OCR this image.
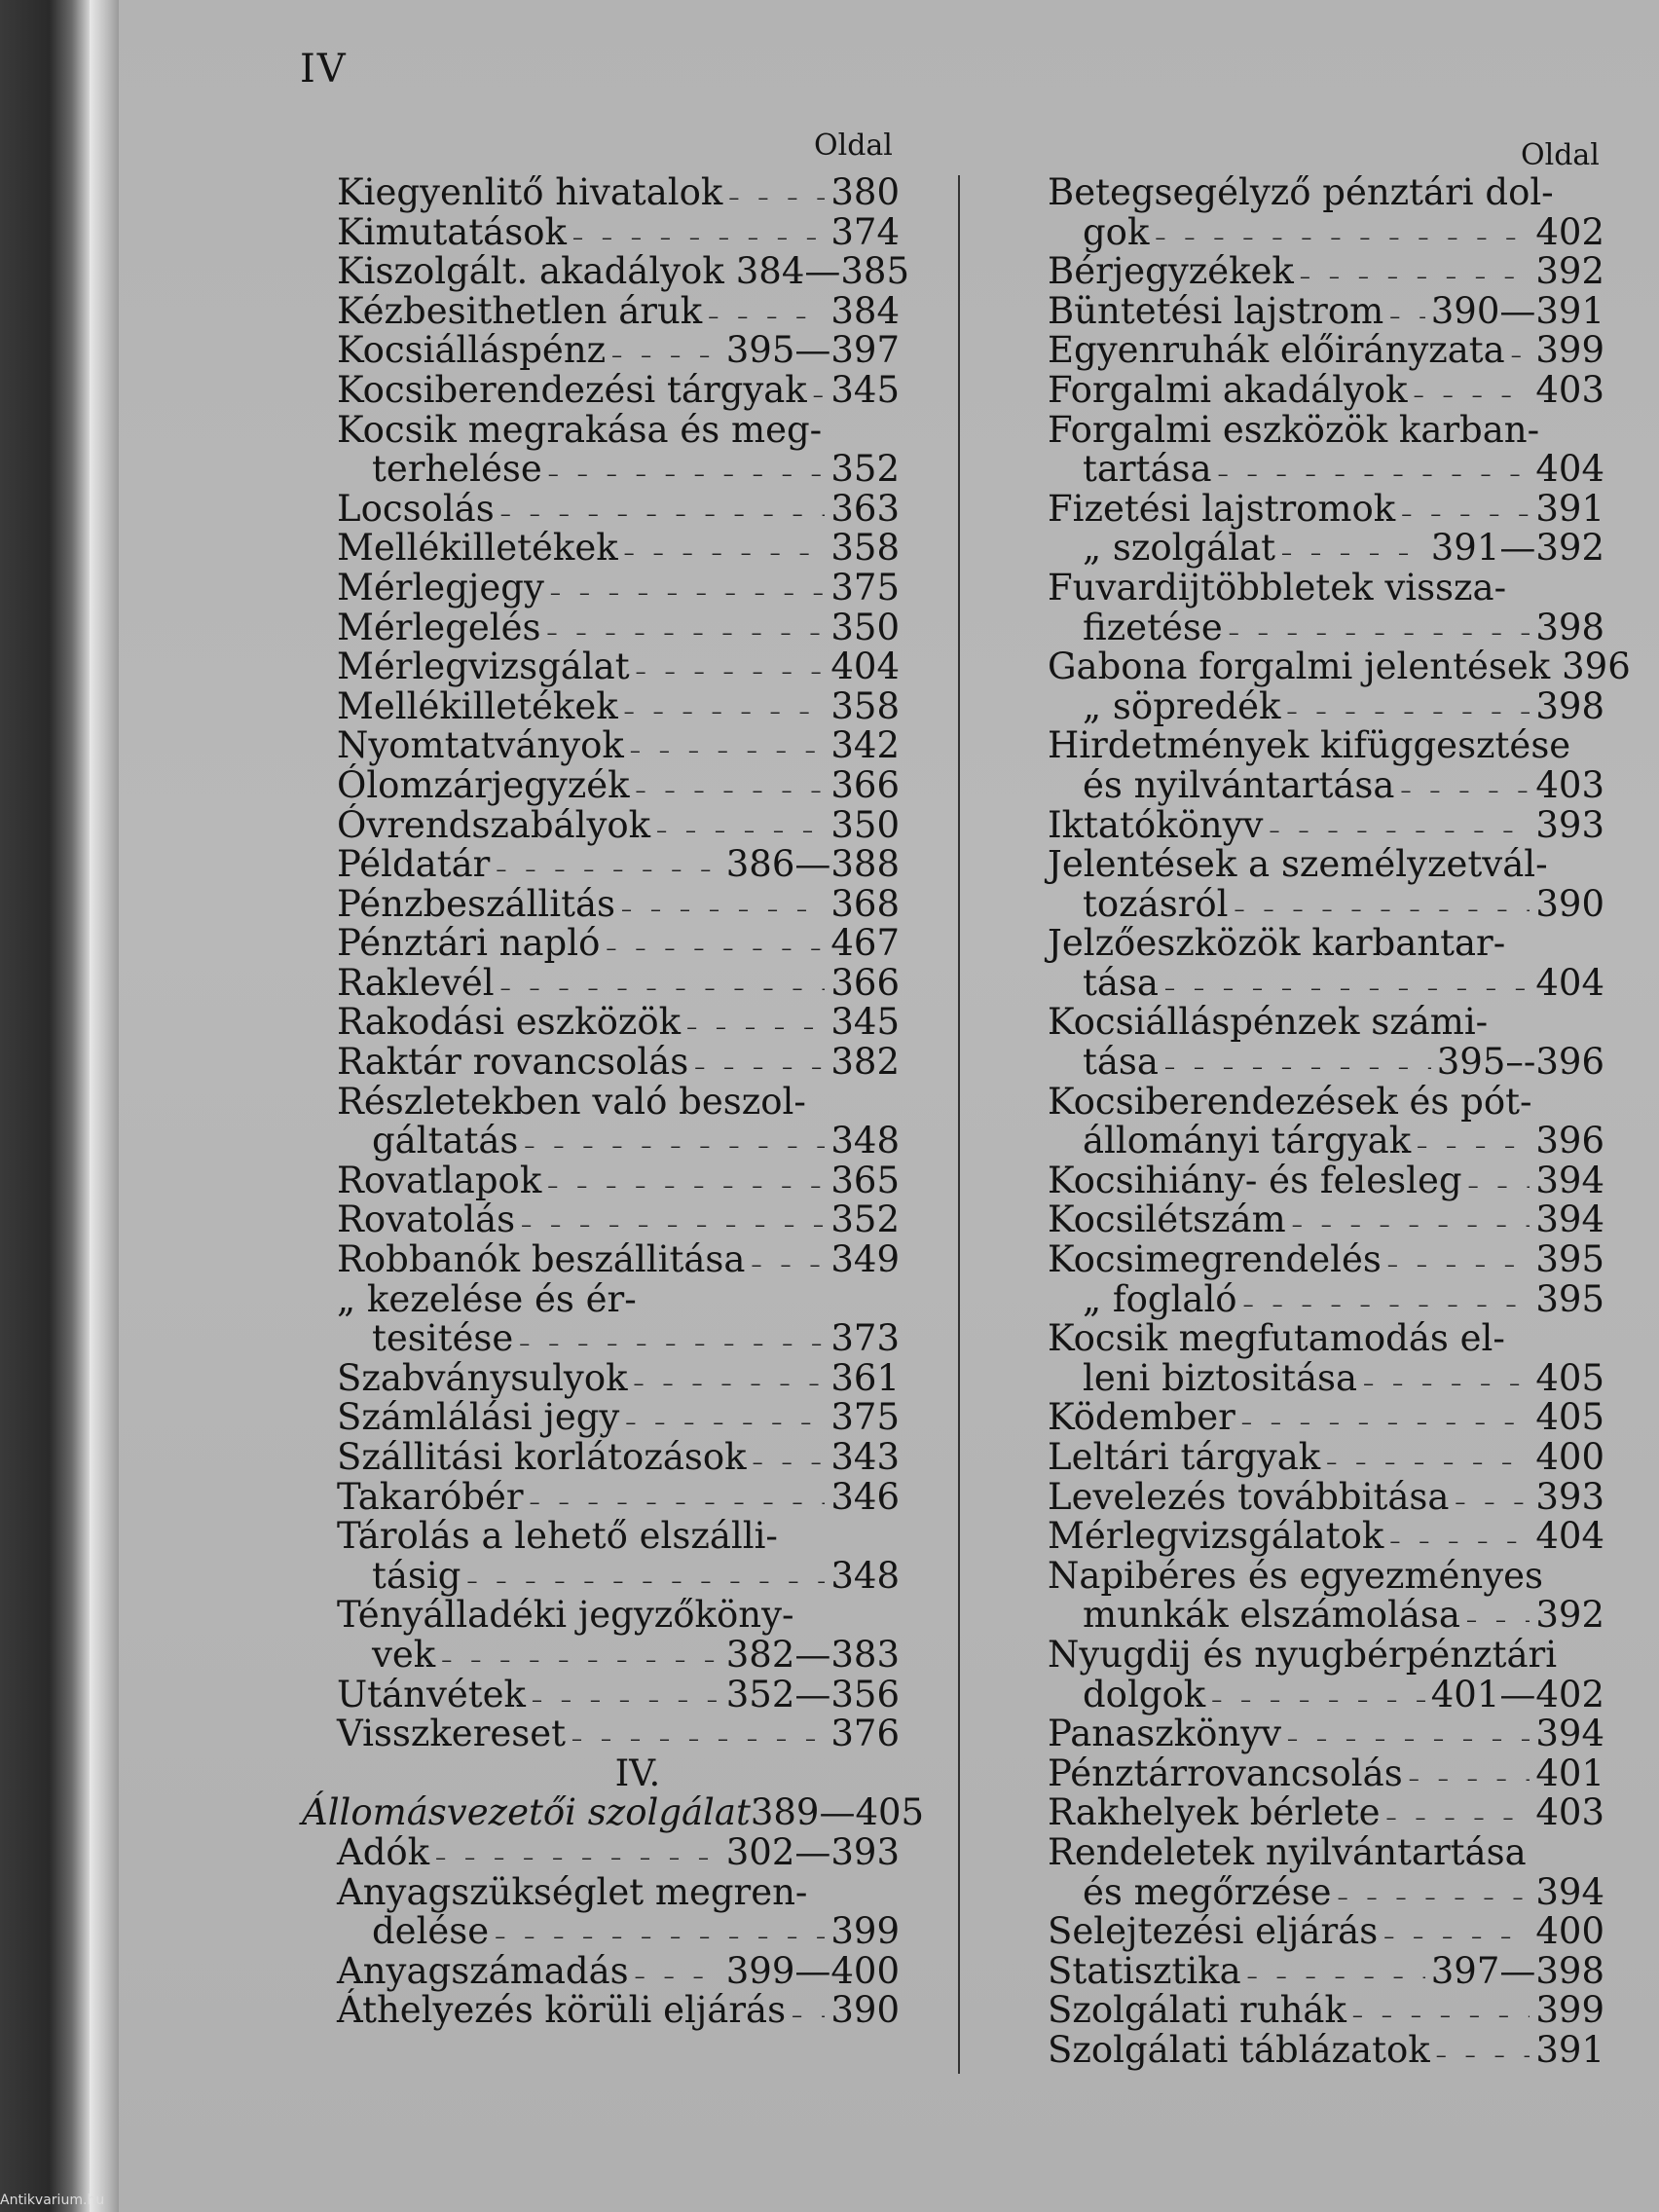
IV
Oldal	Oldal
Kiegyenlitő hivatalok – – –	380
Kimutatások – – –	374
Kiszolgált. akadályok 384—385
Kézbesithetlen áruk – – –	384
Kocsiálláspénz – – –	395—397
Kocsiberendezési tárgyak – – – 345
Kocsik megrakása és meg-
terhelése – – –	352
Locsolás – – –	363
Mellékilletékek – – –	358
Mérlegjegy – – –	375
Mérlegelés – – –	350
Mérlegvizsgálat – – –	404
Mellékilletékek – – –	358
Nyomtatványok – – –	342
Ólomzárjegyzék – – –	366
Óvrendszabályok – – –	350
Példatár – – –	386—388
Pénzbeszállitás – – –	368
Pénztári napló – – –	467
Raklevél – – –	366
Rakodási eszközök – – –	345
Raktár rovancsolás – – –	382
Részletekben való beszol-
gáltatás – – –	348
Rovatlapok – – –	365
Rovatolás – – –	352
Robbanók beszállitása – – – 349
„ kezelése és ér-
tesitése – – –	373
Szabványsulyok – – –	361
Számlálási jegy – – –	375
Szállitási korlátozások – – – 343
Takaróbér – – –	346
Tárolás a lehető elszálli-
tásig – – –	348
Tényálladéki jegyzőköny-
vek – – –	382—383
Utánvétek – – –	352—356
Visszkereset – – –	376
IV.
Állomásvezetői szolgálat 389—405
Adók – – –	302—393
Anyagszükséglet megren-
delése – – –	399
Anyagszámadás – – –	399—400
Áthelyezés körüli eljárás – – – 390
Betegsegélyző pénztári dol-
gok – – –	402
Bérjegyzékek – – –	392
Büntetési lajstrom – – – 390—391
Egyenruhák előirányzata – – – 399
Forgalmi akadályok – – –	403
Forgalmi eszközök karban-
tartása – – –	404
Fizetési lajstromok – – –	391
„ szolgálat – – –	391—392
Fuvardijtöbbletek vissza-
fizetése – – –	398
Gabona forgalmi jelentések 396
„ söpredék – – –	398
Hirdetmények kifüggesztése
és nyilvántartása – – –	403
Iktatókönyv – – –	393
Jelentések a személyzetvál-
tozásról – – –	390
Jelzőeszközök karbantar-
tása – – –	404
Kocsiálláspénzek számi-
tása – – –	395–-396
Kocsiberendezések és pót-
állományi tárgyak – – –	396
Kocsihiány- és felesleg – – – 394
Kocsilétszám – – –	394
Kocsimegrendelés – – –	395
„ foglaló – – –	395
Kocsik megfutamodás el-
leni biztositása – – –	405
Ködember – – –	405
Leltári tárgyak – – –	400
Levelezés továbbitása – – – 393
Mérlegvizsgálatok – – –	404
Napibéres és egyezményes
munkák elszámolása – – – 392
Nyugdij és nyugbérpénztári
dolgok – – –	401—402
Panaszkönyv – – –	394
Pénztárrovancsolás – – –	401
Rakhelyek bérlete – – –	403
Rendeletek nyilvántartása
és megőrzése – – –	394
Selejtezési eljárás – – –	400
Statisztika – – –	397—398
Szolgálati ruhák – – –	399
Szolgálati táblázatok – – –	391
Antikvarium.hu
